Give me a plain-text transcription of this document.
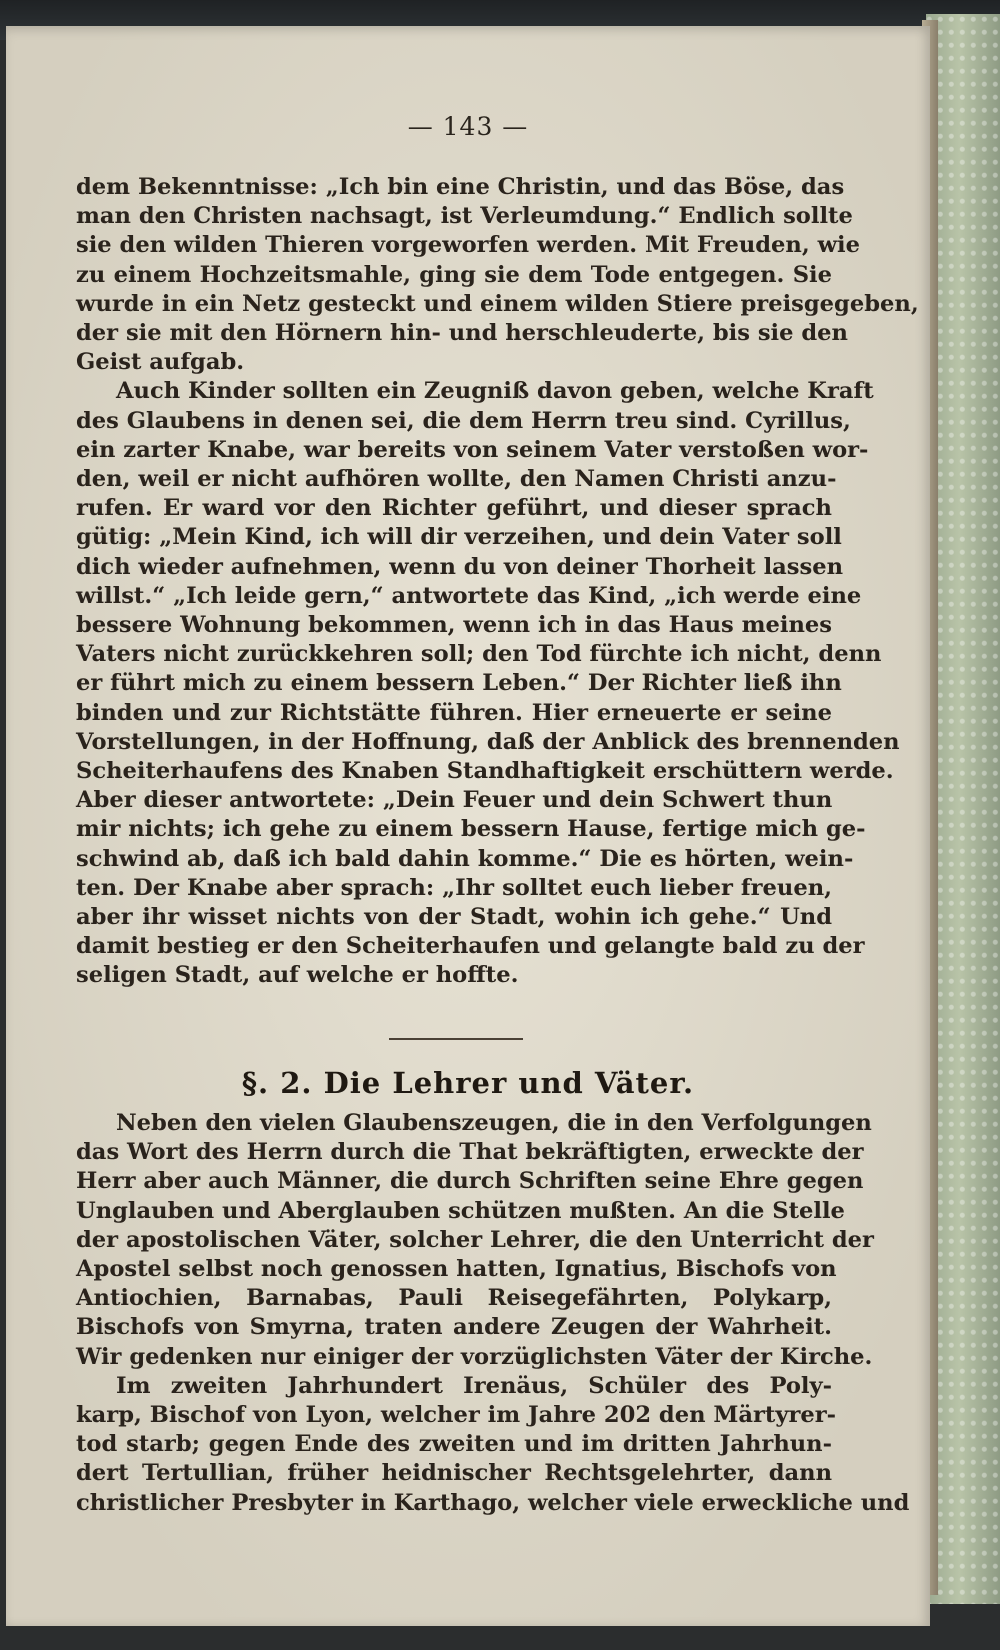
— 143 —
dem Bekenntnisse: „Ich bin eine Christin, und das Böse, das
man den Christen nachsagt, ist Verleumdung.“ Endlich sollte
sie den wilden Thieren vorgeworfen werden. Mit Freuden, wie
zu einem Hochzeitsmahle, ging sie dem Tode entgegen. Sie
wurde in ein Netz gesteckt und einem wilden Stiere preisgegeben,
der sie mit den Hörnern hin- und herschleuderte, bis sie den
Geist aufgab.
Auch Kinder sollten ein Zeugniß davon geben, welche Kraft
des Glaubens in denen sei, die dem Herrn treu sind. Cyrillus,
ein zarter Knabe, war bereits von seinem Vater verstoßen wor-
den, weil er nicht aufhören wollte, den Namen Christi anzu-
rufen. Er ward vor den Richter geführt, und dieser sprach
gütig: „Mein Kind, ich will dir verzeihen, und dein Vater soll
dich wieder aufnehmen, wenn du von deiner Thorheit lassen
willst.“ „Ich leide gern,“ antwortete das Kind, „ich werde eine
bessere Wohnung bekommen, wenn ich in das Haus meines
Vaters nicht zurückkehren soll; den Tod fürchte ich nicht, denn
er führt mich zu einem bessern Leben.“ Der Richter ließ ihn
binden und zur Richtstätte führen. Hier erneuerte er seine
Vorstellungen, in der Hoffnung, daß der Anblick des brennenden
Scheiterhaufens des Knaben Standhaftigkeit erschüttern werde.
Aber dieser antwortete: „Dein Feuer und dein Schwert thun
mir nichts; ich gehe zu einem bessern Hause, fertige mich ge-
schwind ab, daß ich bald dahin komme.“ Die es hörten, wein-
ten. Der Knabe aber sprach: „Ihr solltet euch lieber freuen,
aber ihr wisset nichts von der Stadt, wohin ich gehe.“ Und
damit bestieg er den Scheiterhaufen und gelangte bald zu der
seligen Stadt, auf welche er hoffte.
§. 2. Die Lehrer und Väter.
Neben den vielen Glaubenszeugen, die in den Verfolgungen
das Wort des Herrn durch die That bekräftigten, erweckte der
Herr aber auch Männer, die durch Schriften seine Ehre gegen
Unglauben und Aberglauben schützen mußten. An die Stelle
der apostolischen Väter, solcher Lehrer, die den Unterricht der
Apostel selbst noch genossen hatten, Ignatius, Bischofs von
Antiochien, Barnabas, Pauli Reisegefährten, Polykarp,
Bischofs von Smyrna, traten andere Zeugen der Wahrheit.
Wir gedenken nur einiger der vorzüglichsten Väter der Kirche.
Im zweiten Jahrhundert Irenäus, Schüler des Poly-
karp, Bischof von Lyon, welcher im Jahre 202 den Märtyrer-
tod starb; gegen Ende des zweiten und im dritten Jahrhun-
dert Tertullian, früher heidnischer Rechtsgelehrter, dann
christlicher Presbyter in Karthago, welcher viele erweckliche und
